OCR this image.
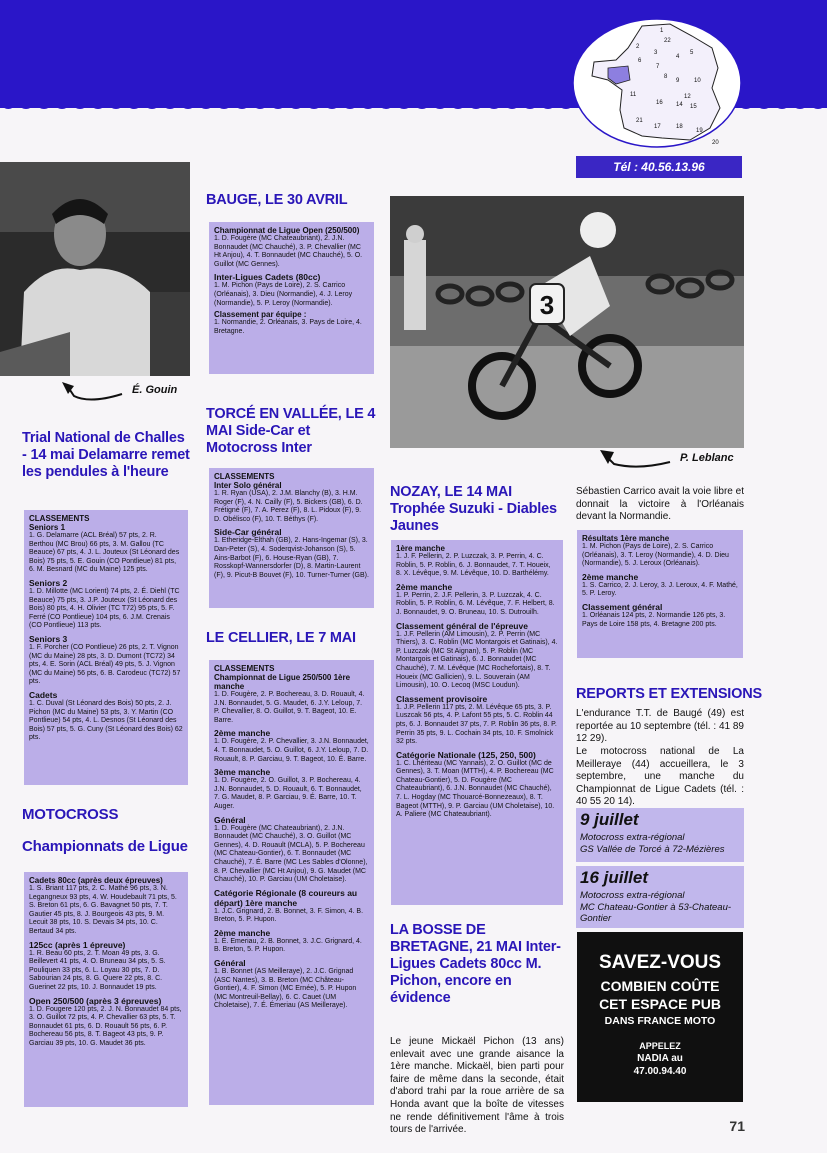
1
22
2
3	5
4
6
7
8
9 10
11	12
14 15
16
21
17	18
19
20
Tél : 40.56.13.96
É. Gouin
Trial National de Challes - 14 mai Delamarre remet les pendules à l'heure
CLASSEMENTS
Seniors 1

1. G. Delamarre (ACL Bréal) 57 pts, 2. R. Berthou (MC Brou) 66 pts, 3. M. Gallou (TC Beauce) 67 pts, 4. J. L. Jouteux (St Léonard des Bois) 75 pts, 5. E. Gouin (CO Pontlieue) 81 pts, 6. M. Besnard (MC du Maine) 125 pts.

Seniors 2

1. D. Millotte (MC Lorient) 74 pts, 2. É. Diehl (TC Beauce) 75 pts, 3. J.P. Jouteux (St Léonard des Bois) 80 pts, 4. H. Olivier (TC T72) 95 pts, 5. F. Ferré (CO Pontlieue) 104 pts, 6. J.M. Crenais (CO Pontlieue) 113 pts.

Seniors 3

1. F. Porcher (CO Pontlieue) 26 pts, 2. T. Vignon (MC du Maine) 28 pts, 3. D. Dumont (TC72) 34 pts, 4. E. Sorin (ACL Bréal) 49 pts, 5. J. Vignon (MC du Maine) 56 pts, 6. B. Carodeuc (TC72) 57 pts.

Cadets

1. C. Duval (St Léonard des Bois) 50 pts, 2. J. Pichon (MC du Maine) 53 pts, 3. Y. Martin (CO Pontlieue) 54 pts, 4. L. Desnos (St Léonard des Bois) 57 pts, 5. G. Cuny (St Léonard des Bois) 62 pts.

MOTOCROSS
Championnats de Ligue
Cadets 80cc (après deux épreuves)

1. S. Briant 117 pts, 2. C. Mathé 96 pts, 3. N. Legangneux 93 pts, 4. W. Houdebault 71 pts, 5. S. Breton 61 pts, 6. G. Bavagnet 50 pts, 7. T. Gautier 45 pts, 8. J. Bourgeois 43 pts, 9. M. Lecuit 38 pts, 10. S. Devais 34 pts, 10. C. Bertaud 34 pts.

125cc (après 1 épreuve)

1. R. Beau 60 pts, 2. T. Moan 49 pts, 3. G. Beillevert 41 pts, 4. O. Bruneau 34 pts, 5. S. Pouliquen 33 pts, 6. L. Loyau 30 pts, 7. D. Sabourian 24 pts, 8. G. Quere 22 pts, 8. C. Guerinet 22 pts, 10. J. Bonnaudet 19 pts.

Open 250/500 (après 3 épreuves)

1. D. Fougere 120 pts, 2. J. N. Bonnaudet 84 pts, 3. O. Guillot 72 pts, 4. P. Chevallier 63 pts, 5. T. Bonnaudet 61 pts, 6. D. Rouault 56 pts, 6. P. Bochereau 56 pts, 8. T. Bageot 43 pts, 9. P. Garciau 39 pts, 10. G. Maudet 36 pts.

BAUGE, LE 30 AVRIL
Championnat de Ligue Open (250/500)

1. D. Fougère (MC Chateaubriant), 2. J.N. Bonnaudet (MC Chauché), 3. P. Chevallier (MC Ht Anjou), 4. T. Bonnaudet (MC Chauché), 5. O. Guillot (MC Gennes).

Inter-Ligues Cadets (80cc)

1. M. Pichon (Pays de Loire), 2. S. Carrico (Orléanais), 3. Dieu (Normandie), 4. J. Leroy (Normandie), 5. P. Leroy (Normandie).

Classement par équipe :

1. Normandie, 2. Orléanais, 3. Pays de Loire, 4. Bretagne.

TORCÉ EN VALLÉE, LE 4 MAI Side-Car et Motocross Inter
CLASSEMENTS
Inter Solo général

1. R. Ryan (USA), 2. J.M. Blanchy (B), 3. H.M. Roger (F), 4. N. Cailly (F), 5. Bickers (GB), 6. D. Frétigné (F), 7. A. Perez (F), 8. L. Pidoux (F), 9. D. Obélisco (F), 10. T. Béthys (F).

Side-Car général

1. Etheridge-Elthah (GB), 2. Hans-Ingemar (S), 3. Dan-Peter (S), 4. Soderqvist-Johanson (S), 5. Ains-Barbot (F), 6. House-Ryan (GB), 7. Rosskopf-Wannersdorfer (D), 8. Martin-Laurent (F), 9. Picut-B Bouvet (F), 10. Turner-Turner (GB).

LE CELLIER, LE 7 MAI
CLASSEMENTS
Championnat de Ligue 250/500 1ère manche

1. D. Fougère, 2. P. Bochereau, 3. D. Rouault, 4. J.N. Bonnaudet, 5. G. Maudet, 6. J.Y. Leloup, 7. P. Chevallier, 8. O. Guillot, 9. T. Bageot, 10. E. Barre.

2ème manche

1. D. Fougère, 2. P. Chevallier, 3. J.N. Bonnaudet, 4. T. Bonnaudet, 5. O. Guillot, 6. J.Y. Leloup, 7. D. Rouault, 8. P. Garciau, 9. T. Bageot, 10. É. Barre.

3ème manche

1. D. Fougère, 2. O. Guillot, 3. P. Bochereau, 4. J.N. Bonnaudet, 5. D. Rouault, 6. T. Bonnaudet, 7. G. Maudet, 8. P. Garciau, 9. É. Barre, 10. T. Auger.

Général

1. D. Fougère (MC Chateaubriant), 2. J.N. Bonnaudet (MC Chauché), 3. O. Guillot (MC Gennes), 4. D. Rouault (MCLA), 5. P. Bochereau (MC Chateau-Gontier), 6. T. Bonnaudet (MC Chauché), 7. É. Barre (MC Les Sables d'Olonne), 8. P. Chevallier (MC Ht Anjou), 9. G. Maudet (MC Chauché), 10. P. Garciau (UM Choletaise).

Catégorie Régionale (8 coureurs au départ) 1ère manche

1. J.C. Grignard, 2. B. Bonnet, 3. F. Simon, 4. B. Breton, 5. P. Hupon.

2ème manche

1. É. Emeriau, 2. B. Bonnet, 3. J.C. Grignard, 4. B. Breton, 5. P. Hupon.

Général

1. B. Bonnet (AS Meilleraye), 2. J.C. Grignad (ASC Nantes), 3. B. Breton (MC Château-Gontier), 4. F. Simon (MC Ernée), 5. P. Hupon (MC Montreuil-Bellay), 6. C. Cauet (UM Choletaise), 7. É. Émeriau (AS Meilleraye).

3
P. Leblanc
NOZAY, LE 14 MAI Trophée Suzuki - Diables Jaunes
1ère manche

1. J. F. Pellerin, 2. P. Luzczak, 3. P. Perrin, 4. C. Roblin, 5. P. Roblin, 6. J. Bonnaudet, 7. T. Houeix, 8. X. Lévêque, 9. M. Lévêque, 10. D. Barthélémy.

2ème manche

1. P. Perrin, 2. J.F. Pellerin, 3. P. Luzczak, 4. C. Roblin, 5. P. Roblin, 6. M. Lévêque, 7. F. Helbert, 8. J. Bonnaudet, 9. O. Bruneau, 10. S. Dutrouilh.

Classement général de l'épreuve

1. J.F. Pellerin (AM Limousin), 2. P. Perrin (MC Thiers), 3. C. Roblin (MC Montargois et Gatinais), 4. P. Luzczak (MC St Aignan), 5. P. Roblin (MC Montargois et Gatinais), 6. J. Bonnaudet (MC Chauché), 7. M. Lévêque (MC Rochefortais), 8. T. Houeix (MC Gallicien), 9. L. Souverain (AM Limousin), 10. O. Lecoq (MSC Loudun).

Classement provisoire

1. J.P. Pellerin 117 pts, 2. M. Lévêque 65 pts, 3. P. Luszcak 56 pts, 4. P. Lafont 55 pts, 5. C. Roblin 44 pts, 6. J. Bonnaudet 37 pts, 7. P. Roblin 36 pts, 8. P. Perrin 35 pts, 9. L. Cochain 34 pts, 10. F. Smolnick 32 pts.

Catégorie Nationale (125, 250, 500)

1. C. Lhériteau (MC Yannais), 2. O. Guillot (MC de Gennes), 3. T. Moan (MTTH), 4. P. Bochereau (MC Chateau-Gontier), 5. D. Fougère (MC Chateaubriant), 6. J.N. Bonnaudet (MC Chauché), 7. L. Hogday (MC Thouarcé-Bonnezeaux), 8. T. Bageot (MTTH), 9. P. Garciau (UM Choletaise), 10. A. Paliere (MC Chateaubriant).

LA BOSSE DE BRETAGNE, 21 MAI Inter-Ligues Cadets 80cc M. Pichon, encore en évidence
Le jeune Mickaël Pichon (13 ans) enlevait avec une grande aisance la 1ère manche. Mickaël, bien parti pour faire de même dans la seconde, était d'abord trahi par la roue arrière de sa Honda avant que la boîte de vitesses ne rende définitivement l'âme à trois tours de l'arrivée.
Sébastien Carrico avait la voie libre et donnait la victoire à l'Orléanais devant la Normandie.
Résultats 1ère manche

1. M. Pichon (Pays de Loire), 2. S. Carrico (Orléanais), 3. T. Leroy (Normandie), 4. D. Dieu (Normandie), 5. J. Leroux (Orléanais).

2ème manche

1. S. Carrico, 2. J. Leroy, 3. J. Leroux, 4. F. Mathé, 5. P. Leroy.

Classement général

1. Orléanais 124 pts, 2. Normandie 126 pts, 3. Pays de Loire 158 pts, 4. Bretagne 200 pts.

REPORTS ET EXTENSIONS
L'endurance T.T. de Baugé (49) est reportée au 10 septembre (tél. : 41 89 12 29).
Le motocross national de La Meilleraye (44) accueillera, le 3 septembre, une manche du Championnat de Ligue Cadets (tél. : 40 55 20 14).
9 juillet
Motocross extra-régional
GS Vallée de Torcé à 72-Mézières
16 juillet
Motocross extra-régional
MC Chateau-Gontier à 53-Chateau-Gontier
SAVEZ-VOUS
COMBIEN COÛTE
CET ESPACE PUB
DANS FRANCE MOTO
APPELEZ
NADIA au
47.00.94.40
71
